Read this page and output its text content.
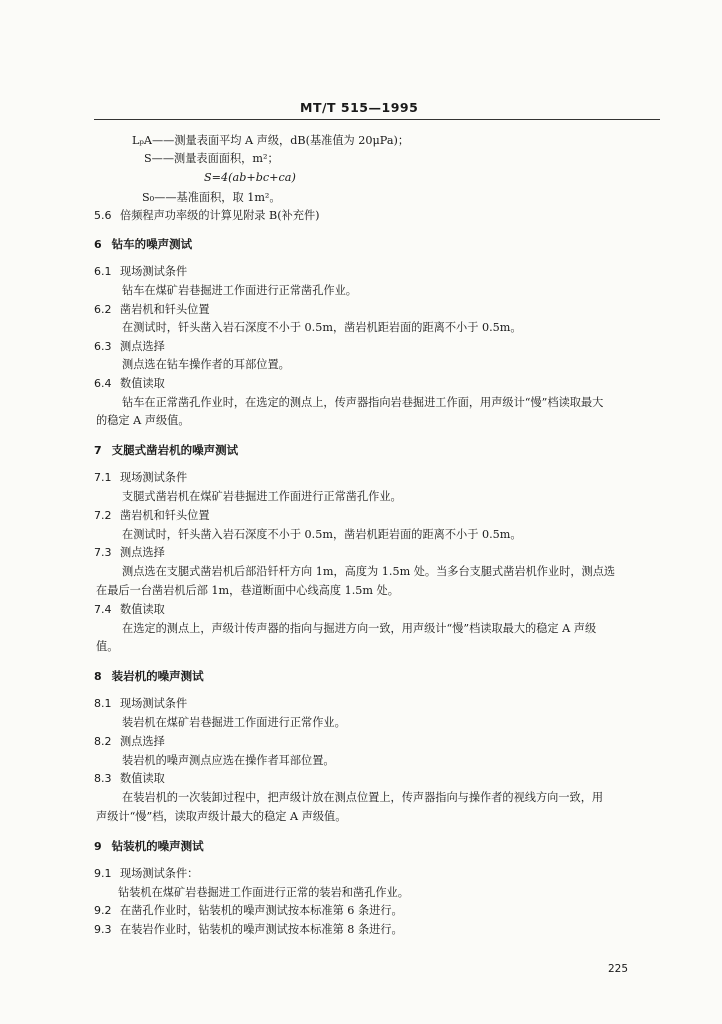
MT/T 515—1995
LₚA——测量表面平均 A 声级，dB(基准值为 20μPa)；
S——测量表面面积，m²；
S=4(ab+bc+ca)
S₀——基准面积，取 1m²。
5.6 倍频程声功率级的计算见附录 B(补充件)
6 钻车的噪声测试
6.1 现场测试条件
钻车在煤矿岩巷掘进工作面进行正常凿孔作业。
6.2 凿岩机和钎头位置
在测试时，钎头凿入岩石深度不小于 0.5m，凿岩机距岩面的距离不小于 0.5m。
6.3 测点选择
测点选在钻车操作者的耳部位置。
6.4 数值读取
钻车在正常凿孔作业时，在选定的测点上，传声器指向岩巷掘进工作面，用声级计“慢”档读取最大
的稳定 A 声级值。
7 支腿式凿岩机的噪声测试
7.1 现场测试条件
支腿式凿岩机在煤矿岩巷掘进工作面进行正常凿孔作业。
7.2 凿岩机和钎头位置
在测试时，钎头凿入岩石深度不小于 0.5m，凿岩机距岩面的距离不小于 0.5m。
7.3 测点选择
测点选在支腿式凿岩机后部沿钎杆方向 1m，高度为 1.5m 处。当多台支腿式凿岩机作业时，测点选
在最后一台凿岩机后部 1m，巷道断面中心线高度 1.5m 处。
7.4 数值读取
在选定的测点上，声级计传声器的指向与掘进方向一致，用声级计“慢”档读取最大的稳定 A 声级
值。
8 装岩机的噪声测试
8.1 现场测试条件
装岩机在煤矿岩巷掘进工作面进行正常作业。
8.2 测点选择
装岩机的噪声测点应选在操作者耳部位置。
8.3 数值读取
在装岩机的一次装卸过程中，把声级计放在测点位置上，传声器指向与操作者的视线方向一致，用
声级计“慢”档，读取声级计最大的稳定 A 声级值。
9 钻装机的噪声测试
9.1 现场测试条件：
钻装机在煤矿岩巷掘进工作面进行正常的装岩和凿孔作业。
9.2 在凿孔作业时，钻装机的噪声测试按本标准第 6 条进行。
9.3 在装岩作业时，钻装机的噪声测试按本标准第 8 条进行。
225
